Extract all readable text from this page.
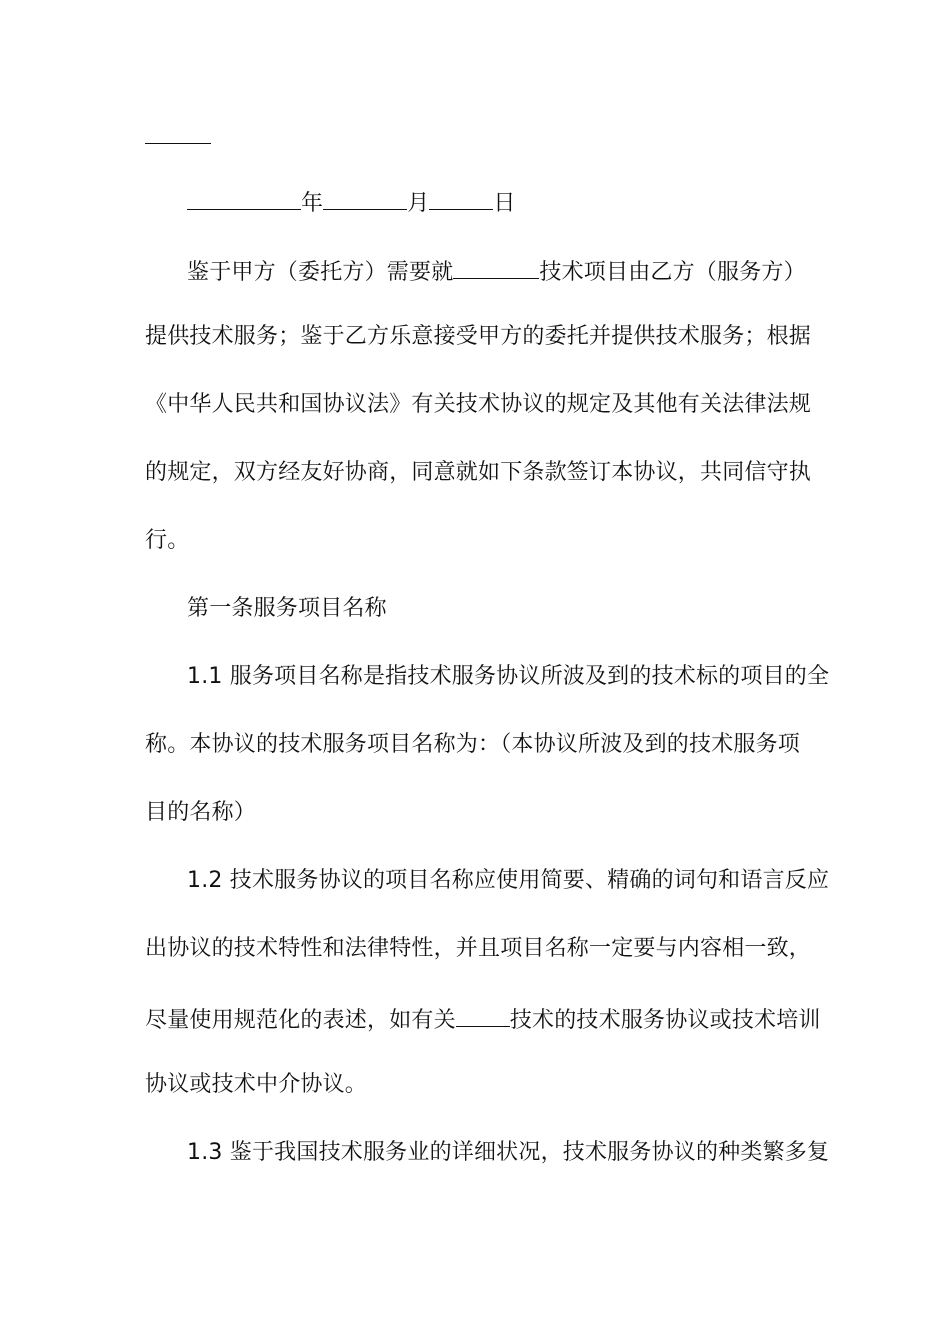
年	月	日
鉴于甲方（委托方）需要就	技术项目由乙方（服务方）
提供技术服务；鉴于乙方乐意接受甲方的委托并提供技术服务；根据
《中华人民共和国协议法》有关技术协议的规定及其他有关法律法规
的规定，双方经友好协商，同意就如下条款签订本协议，共同信守执
行。
第一条服务项目名称
1.1 服务项目名称是指技术服务协议所波及到的技术标的项目的全
称。本协议的技术服务项目名称为：（本协议所波及到的技术服务项
目的名称）
1.2 技术服务协议的项目名称应使用简要、精确的词句和语言反应
出协议的技术特性和法律特性，并且项目名称一定要与内容相一致，
尽量使用规范化的表述，如有关 技术的技术服务协议或技术培训
协议或技术中介协议。
1.3 鉴于我国技术服务业的详细状况，技术服务协议的种类繁多复
